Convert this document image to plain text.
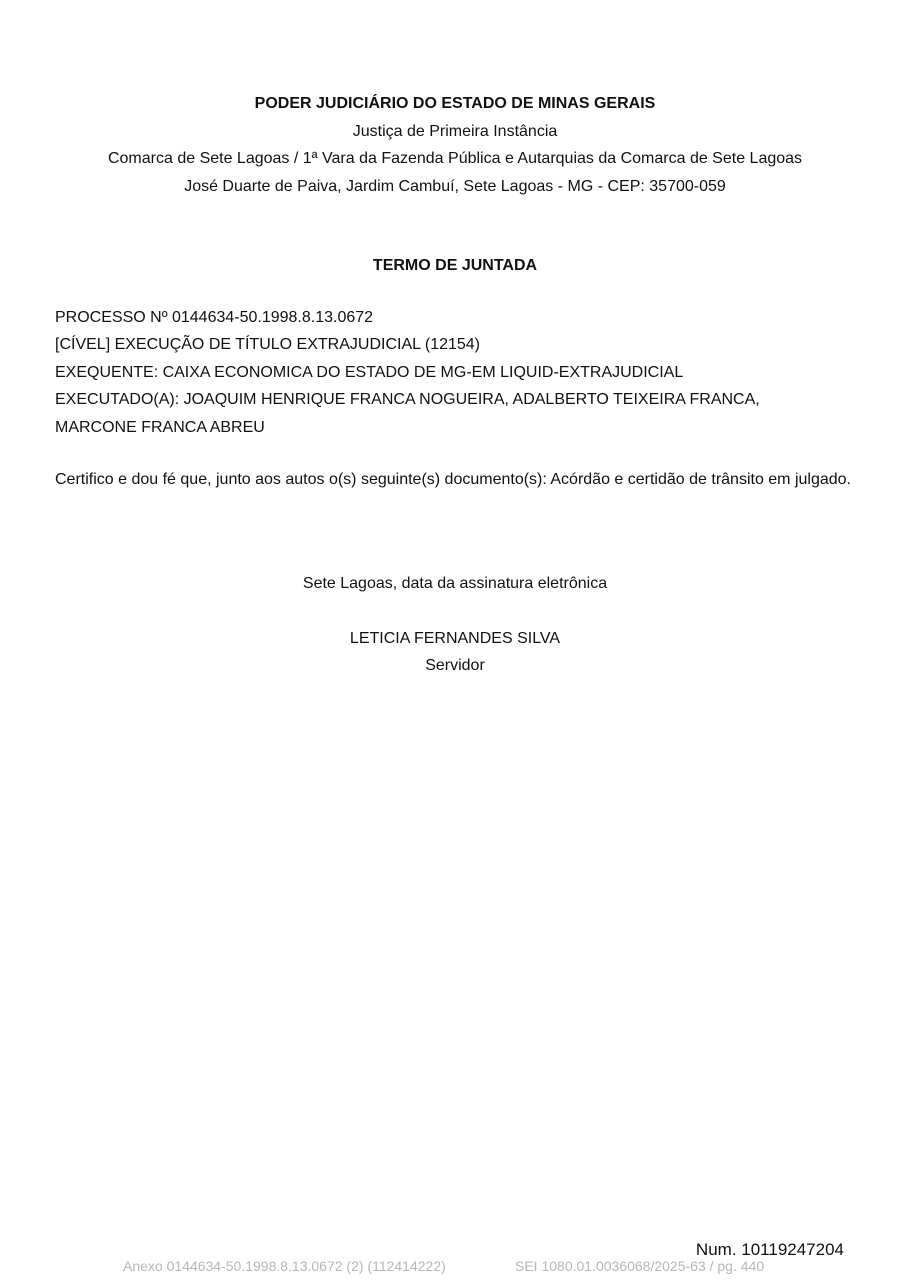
PODER JUDICIÁRIO DO ESTADO DE MINAS GERAIS
Justiça de Primeira Instância
Comarca de Sete Lagoas / 1ª Vara da Fazenda Pública e Autarquias da Comarca de Sete Lagoas
José Duarte de Paiva, Jardim Cambuí, Sete Lagoas - MG - CEP: 35700-059
TERMO DE JUNTADA
PROCESSO Nº 0144634-50.1998.8.13.0672
[CÍVEL] EXECUÇÃO DE TÍTULO EXTRAJUDICIAL (12154)
EXEQUENTE: CAIXA ECONOMICA DO ESTADO DE MG-EM LIQUID-EXTRAJUDICIAL
EXECUTADO(A): JOAQUIM HENRIQUE FRANCA NOGUEIRA, ADALBERTO TEIXEIRA FRANCA,
MARCONE FRANCA ABREU
Certifico e dou fé que, junto aos autos o(s) seguinte(s) documento(s): Acórdão e certidão de trânsito em julgado.
Sete Lagoas, data da assinatura eletrônica
LETICIA FERNANDES SILVA
Servidor
Num. 10119247204
Anexo 0144634-50.1998.8.13.0672 (2) (112414222)	SEI 1080.01.0036068/2025-63 / pg. 440
